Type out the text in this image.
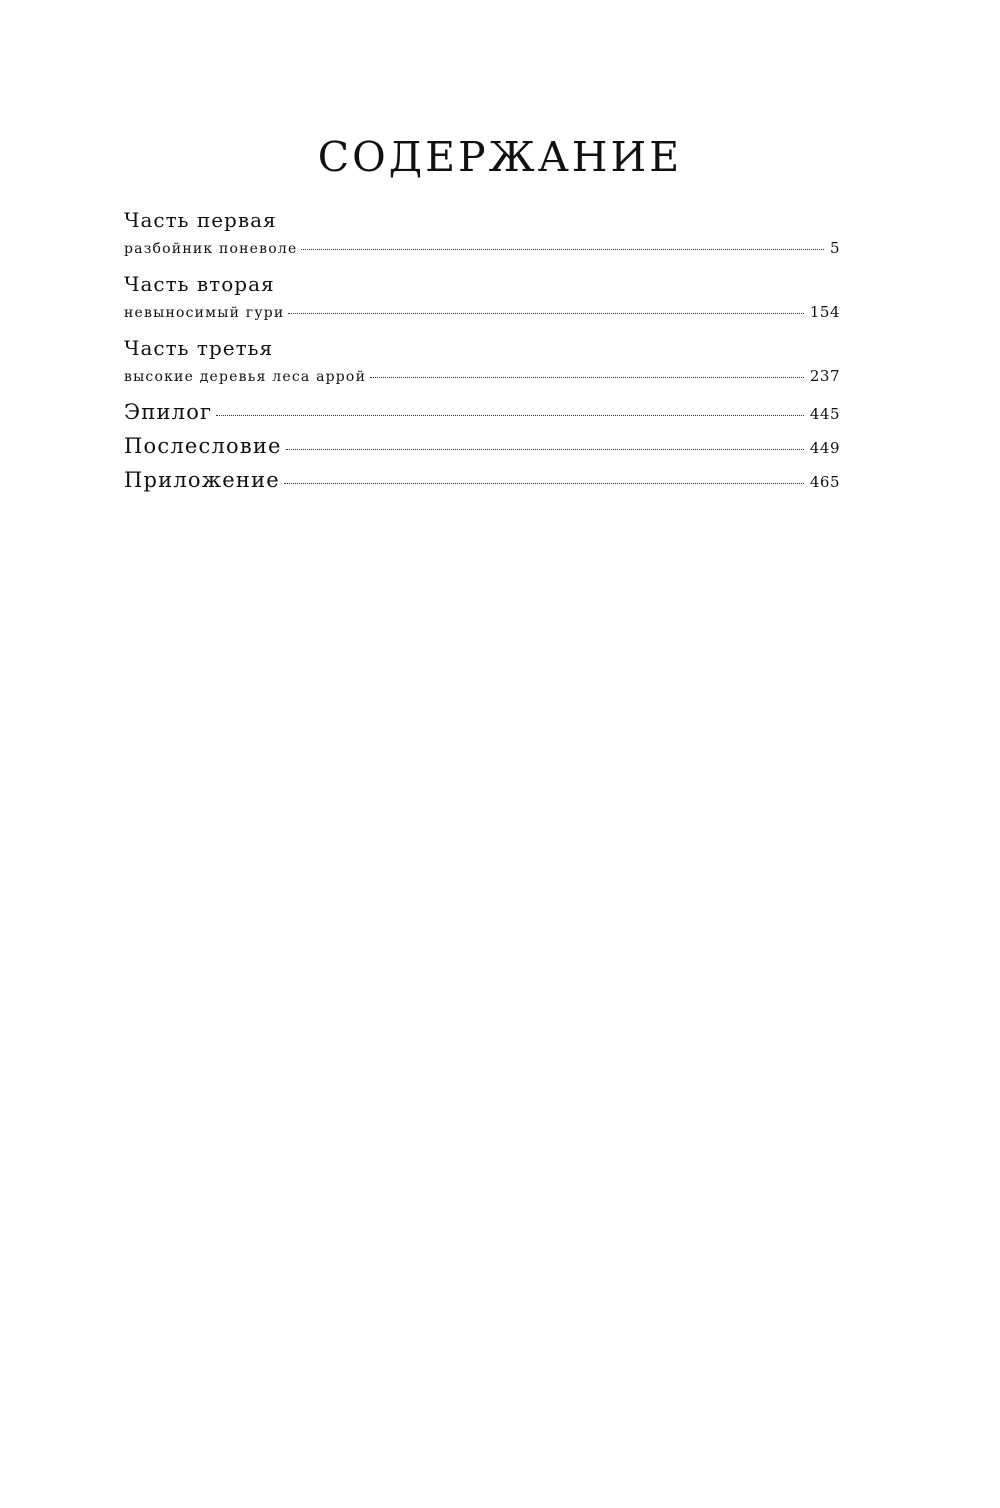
СОДЕРЖАНИЕ
Часть первая
разбойник поневоле	5
Часть вторая
невыносимый гури	154
Часть третья
высокие деревья леса аррой	237
Эпилог	445
Послесловие	449
Приложение	465
